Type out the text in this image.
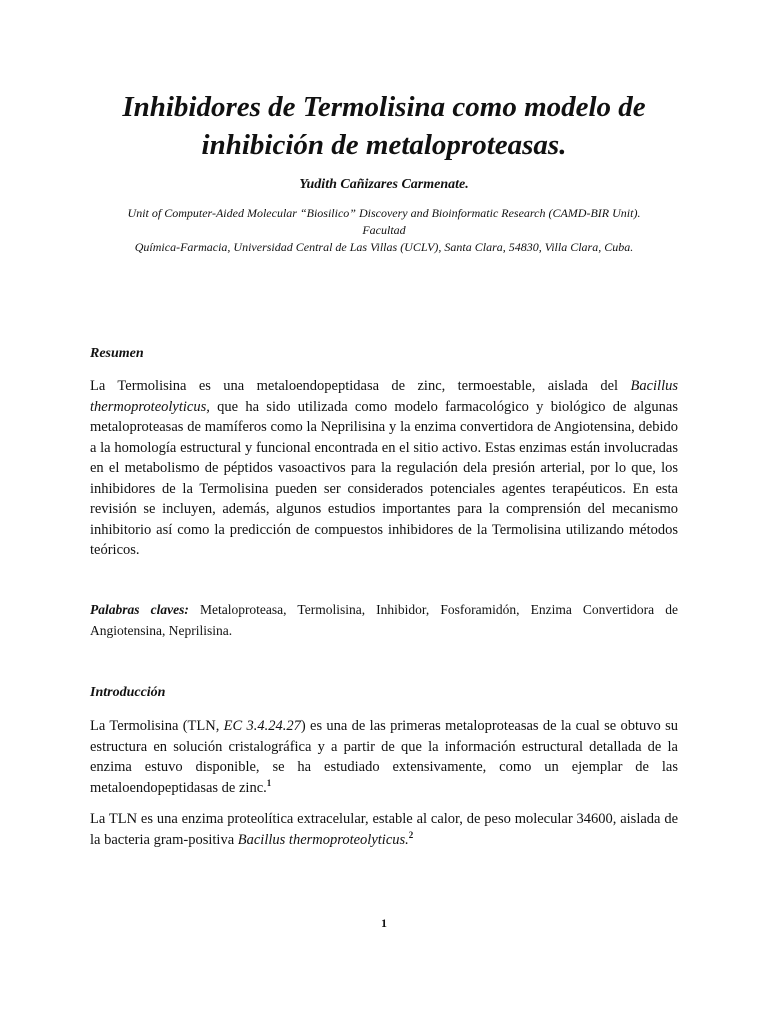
Inhibidores de Termolisina como modelo de
inhibición de metaloproteasas.

Yudith Cañizares Carmenate.

Unit of Computer-Aided Molecular “Biosilico” Discovery and Bioinformatic Research (CAMD-BIR Unit). Facultad
Química-Farmacia, Universidad Central de Las Villas (UCLV), Santa Clara, 54830, Villa Clara, Cuba.

Resumen

La Termolisina es una metaloendopeptidasa de zinc, termoestable, aislada del Bacillus thermoproteolyticus, que ha sido utilizada como modelo farmacológico y biológico de algunas metaloproteasas de mamíferos como la Neprilisina y la enzima convertidora de Angiotensina, debido a la homología estructural y funcional encontrada en el sitio activo. Estas enzimas están involucradas en el metabolismo de péptidos vasoactivos para la regulación dela presión arterial, por lo que, los inhibidores de la Termolisina pueden ser considerados potenciales agentes terapéuticos. En esta revisión se incluyen, además, algunos estudios importantes para la comprensión del mecanismo inhibitorio así como la predicción de compuestos inhibidores de la Termolisina utilizando métodos teóricos.

Palabras claves: Metaloproteasa, Termolisina, Inhibidor, Fosforamidón, Enzima Convertidora de Angiotensina, Neprilisina.

Introducción

La Termolisina (TLN, EC 3.4.24.27) es una de las primeras metaloproteasas de la cual se obtuvo su estructura en solución cristalográfica y a partir de que la información estructural detallada de la enzima estuvo disponible, se ha estudiado extensivamente, como un ejemplar de las metaloendopeptidasas de zinc.$^1$

La TLN es una enzima proteolítica extracelular, estable al calor, de peso molecular 34600, aislada de la bacteria gram-positiva Bacillus thermoproteolyticus.$^2$

1
